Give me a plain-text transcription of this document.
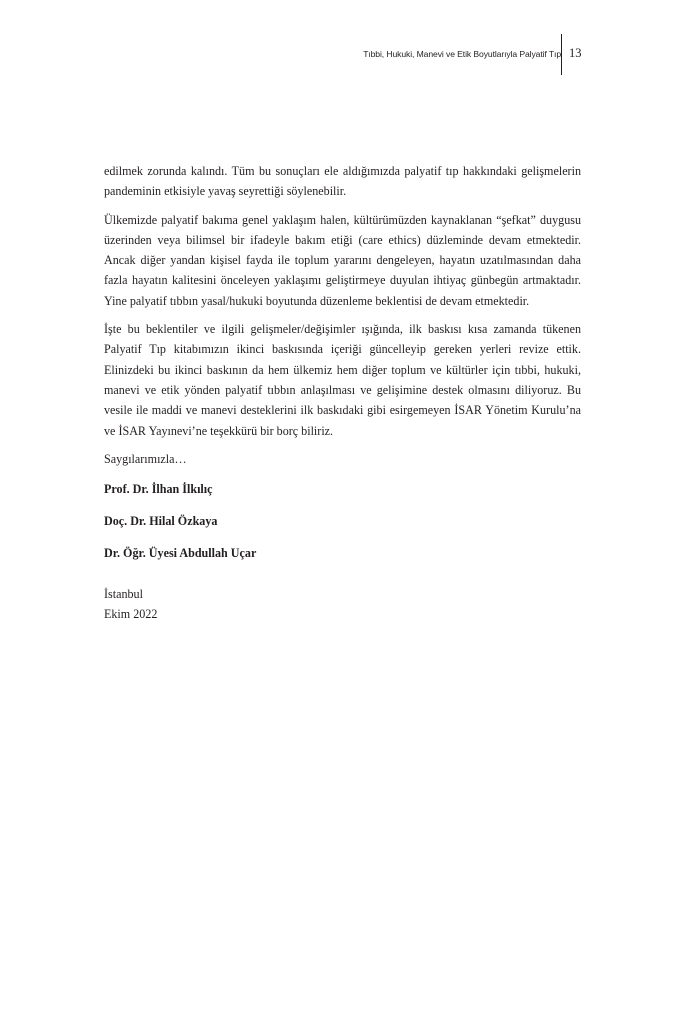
Tıbbi, Hukuki, Manevi ve Etik Boyutlarıyla Palyatif Tıp 13

edilmek zorunda kalındı. Tüm bu sonuçları ele aldığımızda palyatif tıp hakkındaki gelişmelerin pandeminin etkisiyle yavaş seyrettiği söylenebilir.

Ülkemizde palyatif bakıma genel yaklaşım halen, kültürümüzden kaynaklanan “şefkat” duygusu üzerinden veya bilimsel bir ifadeyle bakım etiği (care ethics) düzleminde devam etmektedir. Ancak diğer yandan kişisel fayda ile toplum yararını dengeleyen, hayatın uzatılmasından daha fazla hayatın kalitesini önceleyen yaklaşımı geliştirmeye duyulan ihtiyaç günbegün artmaktadır. Yine palyatif tıbbın yasal/hukuki boyutunda düzenleme beklentisi de devam etmektedir.

İşte bu beklentiler ve ilgili gelişmeler/değişimler ışığında, ilk baskısı kısa zamanda tükenen Palyatif Tıp kitabımızın ikinci baskısında içeriği güncelleyip gereken yerleri revize ettik. Elinizdeki bu ikinci baskının da hem ülkemiz hem diğer toplum ve kültürler için tıbbi, hukuki, manevi ve etik yönden palyatif tıbbın anlaşılması ve gelişimine destek olmasını diliyoruz. Bu vesile ile maddi ve manevi desteklerini ilk baskıdaki gibi esirgemeyen İSAR Yönetim Kurulu’na ve İSAR Yayınevi’ne teşekkürü bir borç biliriz.

Saygılarımızla…

Prof. Dr. İlhan İlkılıç

Doç. Dr. Hilal Özkaya

Dr. Öğr. Üyesi Abdullah Uçar

İstanbul
Ekim 2022
